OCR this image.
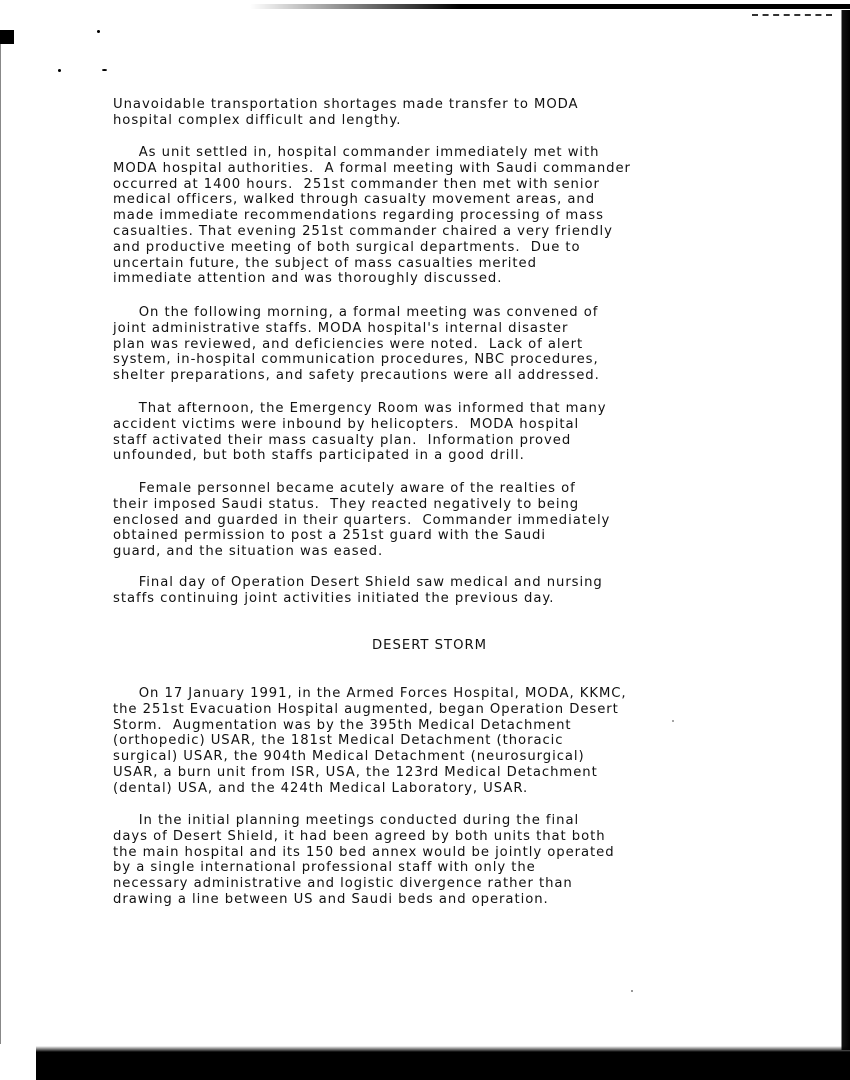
Unavoidable transportation shortages made transfer to MODA
hospital complex difficult and lengthy.
As unit settled in, hospital commander immediately met with
MODA hospital authorities.  A formal meeting with Saudi commander
occurred at 1400 hours.  251st commander then met with senior
medical officers, walked through casualty movement areas, and
made immediate recommendations regarding processing of mass
casualties. That evening 251st commander chaired a very friendly
and productive meeting of both surgical departments.  Due to
uncertain future, the subject of mass casualties merited
immediate attention and was thoroughly discussed.
On the following morning, a formal meeting was convened of
joint administrative staffs. MODA hospital's internal disaster
plan was reviewed, and deficiencies were noted.  Lack of alert
system, in-hospital communication procedures, NBC procedures,
shelter preparations, and safety precautions were all addressed.
That afternoon, the Emergency Room was informed that many
accident victims were inbound by helicopters.  MODA hospital
staff activated their mass casualty plan.  Information proved
unfounded, but both staffs participated in a good drill.
Female personnel became acutely aware of the realties of
their imposed Saudi status.  They reacted negatively to being
enclosed and guarded in their quarters.  Commander immediately
obtained permission to post a 251st guard with the Saudi
guard, and the situation was eased.
Final day of Operation Desert Shield saw medical and nursing
staffs continuing joint activities initiated the previous day.
DESERT STORM
On 17 January 1991, in the Armed Forces Hospital, MODA, KKMC,
the 251st Evacuation Hospital augmented, began Operation Desert
Storm.  Augmentation was by the 395th Medical Detachment
(orthopedic) USAR, the 181st Medical Detachment (thoracic
surgical) USAR, the 904th Medical Detachment (neurosurgical)
USAR, a burn unit from ISR, USA, the 123rd Medical Detachment
(dental) USA, and the 424th Medical Laboratory, USAR.
In the initial planning meetings conducted during the final
days of Desert Shield, it had been agreed by both units that both
the main hospital and its 150 bed annex would be jointly operated
by a single international professional staff with only the
necessary administrative and logistic divergence rather than
drawing a line between US and Saudi beds and operation.
